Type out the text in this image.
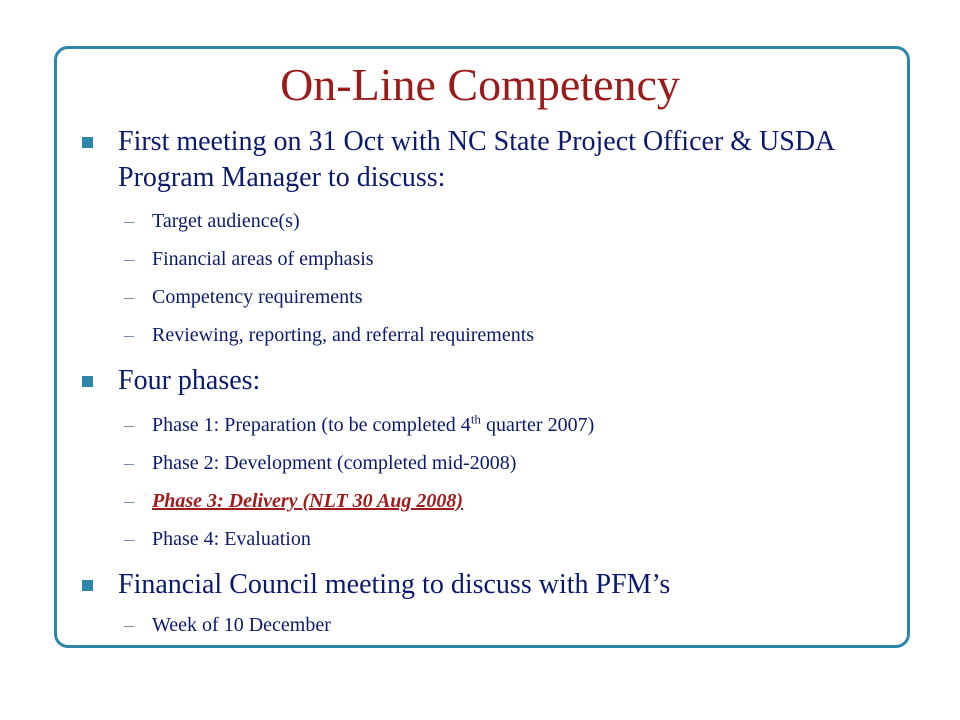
On-Line Competency
First meeting on 31 Oct with NC State Project Officer & USDA Program Manager to discuss:
– Target audience(s)
– Financial areas of emphasis
– Competency requirements
– Reviewing, reporting, and referral requirements
Four phases:
– Phase 1: Preparation (to be completed 4th quarter 2007)
– Phase 2: Development (completed mid-2008)
– Phase 3: Delivery (NLT 30 Aug 2008)
– Phase 4: Evaluation
Financial Council meeting to discuss with PFM’s
– Week of 10 December
